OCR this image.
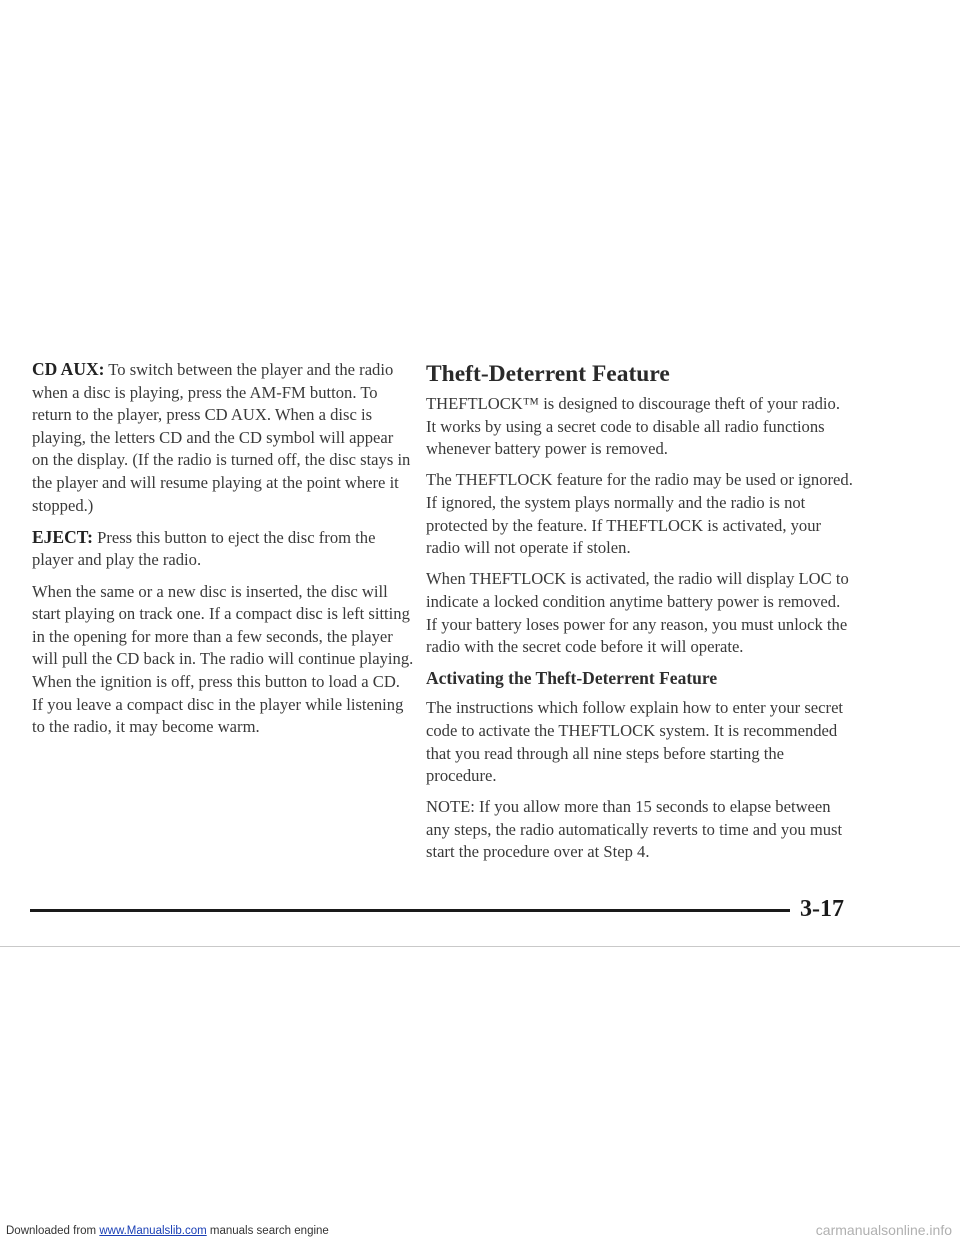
CD AUX: To switch between the player and the radio when a disc is playing, press the AM-FM button. To return to the player, press CD AUX. When a disc is playing, the letters CD and the CD symbol will appear on the display. (If the radio is turned off, the disc stays in the player and will resume playing at the point where it stopped.)

EJECT: Press this button to eject the disc from the player and play the radio.

When the same or a new disc is inserted, the disc will start playing on track one. If a compact disc is left sitting in the opening for more than a few seconds, the player will pull the CD back in. The radio will continue playing. When the ignition is off, press this button to load a CD. If you leave a compact disc in the player while listening to the radio, it may become warm.

Theft-Deterrent Feature

THEFTLOCK™ is designed to discourage theft of your radio. It works by using a secret code to disable all radio functions whenever battery power is removed.

The THEFTLOCK feature for the radio may be used or ignored. If ignored, the system plays normally and the radio is not protected by the feature. If THEFTLOCK is activated, your radio will not operate if stolen.

When THEFTLOCK is activated, the radio will display LOC to indicate a locked condition anytime battery power is removed. If your battery loses power for any reason, you must unlock the radio with the secret code before it will operate.

Activating the Theft-Deterrent Feature

The instructions which follow explain how to enter your secret code to activate the THEFTLOCK system. It is recommended that you read through all nine steps before starting the procedure.

NOTE: If you allow more than 15 seconds to elapse between any steps, the radio automatically reverts to time and you must start the procedure over at Step 4.

3-17
Downloaded from www.Manualslib.com manuals search engine	carmanualsonline.info
